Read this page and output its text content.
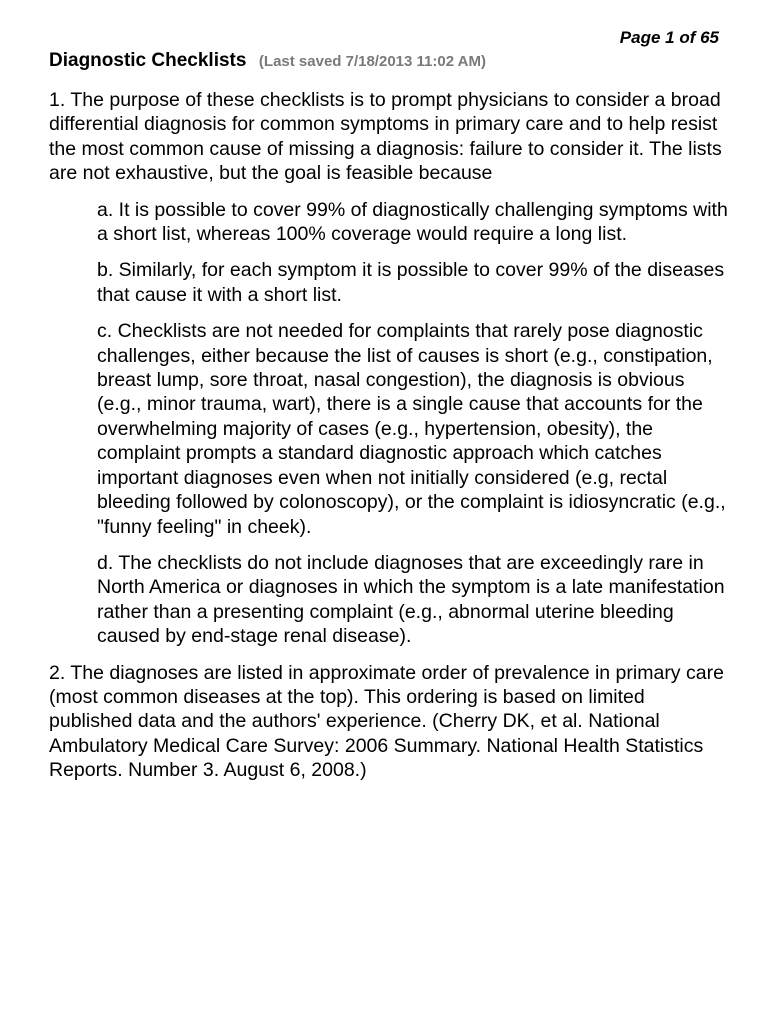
Page 1 of 65
Diagnostic Checklists (Last saved 7/18/2013 11:02 AM)

1. The purpose of these checklists is to prompt physicians to consider a broad differential diagnosis for common symptoms in primary care and to help resist the most common cause of missing a diagnosis: failure to consider it. The lists are not exhaustive, but the goal is feasible because

a. It is possible to cover 99% of diagnostically challenging symptoms with a short list, whereas 100% coverage would require a long list.

b. Similarly, for each symptom it is possible to cover 99% of the diseases that cause it with a short list.

c. Checklists are not needed for complaints that rarely pose diagnostic challenges, either because the list of causes is short (e.g., constipation, breast lump, sore throat, nasal congestion), the diagnosis is obvious (e.g., minor trauma, wart), there is a single cause that accounts for the overwhelming majority of cases (e.g., hypertension, obesity), the complaint prompts a standard diagnostic approach which catches important diagnoses even when not initially considered (e.g, rectal bleeding followed by colonoscopy), or the complaint is idiosyncratic (e.g., "funny feeling" in cheek).

d. The checklists do not include diagnoses that are exceedingly rare in North America or diagnoses in which the symptom is a late manifestation rather than a presenting complaint (e.g., abnormal uterine bleeding caused by end-stage renal disease).

2. The diagnoses are listed in approximate order of prevalence in primary care (most common diseases at the top). This ordering is based on limited published data and the authors' experience. (Cherry DK, et al. National Ambulatory Medical Care Survey: 2006 Summary. National Health Statistics Reports. Number 3. August 6, 2008.)
